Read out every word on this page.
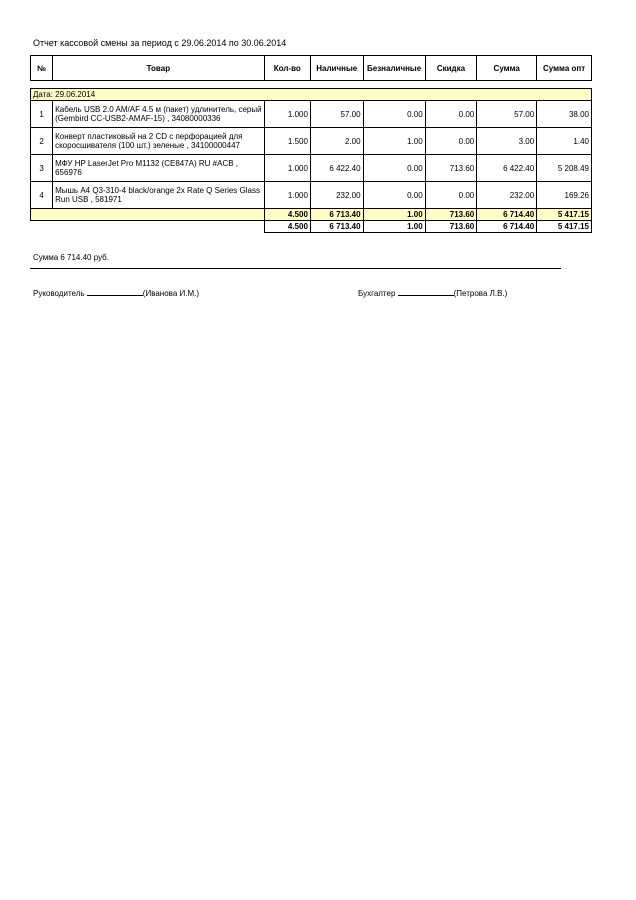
Отчет кассовой смены за период с 29.06.2014 по 30.06.2014
№	Товар	Кол-во	Наличные	Безналичные	Скидка	Сумма	Сумма опт

Дата: 29.06.2014							
1	Кабель USB 2.0 AM/AF 4.5 м (пакет) удлинитель, серый (Gembird CC-USB2-AMAF-15) , 34080000336	1.000	57.00	0.00	0.00	57.00	38.00
2	Конверт пластиковый на 2 CD с перфорацией для скоросшивателя (100 шт.) зеленые , 34100000447	1.500	2.00	1.00	0.00	3.00	1.40
3	МФУ HP LaserJet Pro M1132 (CE847A) RU #ACB , 656976	1.000	6 422.40	0.00	713.60	6 422.40	5 208.49
4	Мышь A4 Q3-310-4 black/orange 2x Rate Q Series Glass Run USB , 581971	1.000	232.00	0.00	0.00	232.00	169.26
		4.500	6 713.40	1.00	713.60	6 714.40	5 417.15
		4.500	6 713.40	1.00	713.60	6 714.40	5 417.15
Сумма 6 714.40 руб.
Руководитель	(Иванова И.М.)	Бухгалтер	(Петрова Л.В.)
